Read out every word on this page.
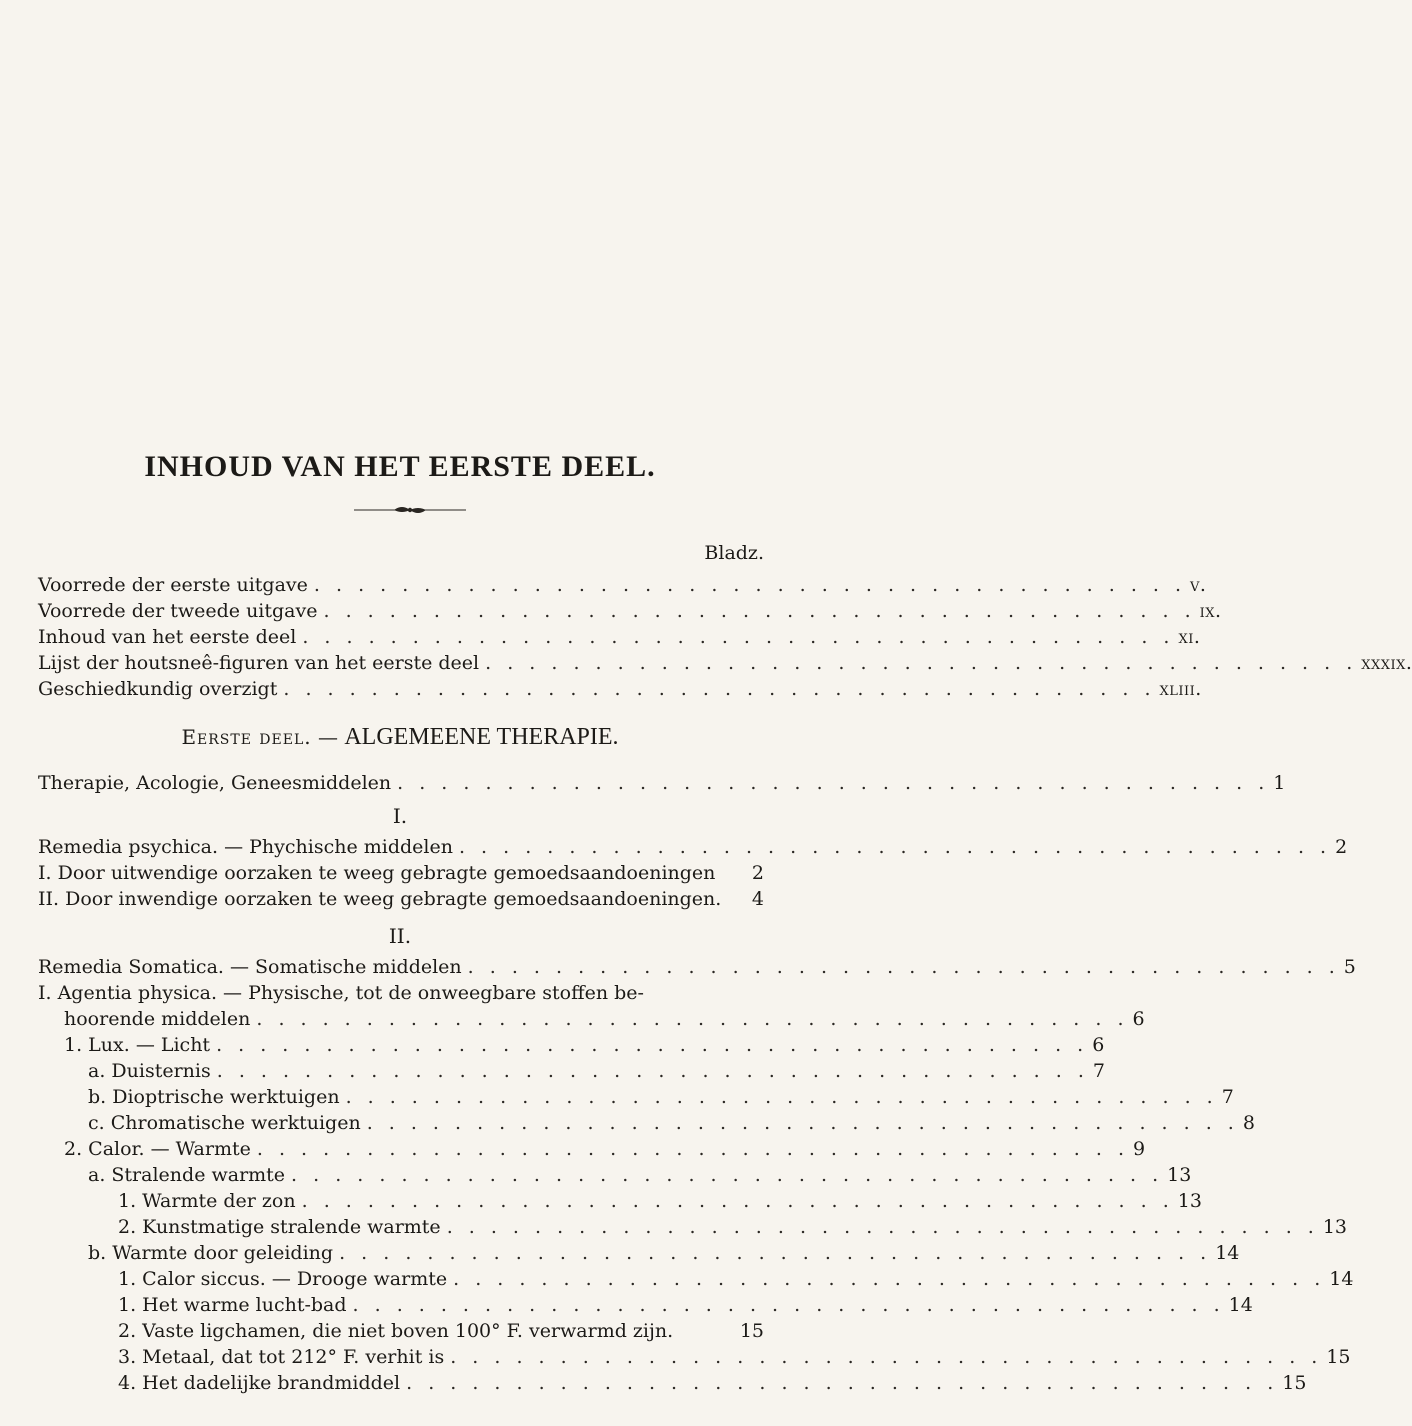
INHOUD VAN HET EERSTE DEEL.
Bladz.
Voorrede der eerste uitgave . . . . . . . . . . . . . . . . . . . . . . . . . . . . . . . . . . . . . . . . v.
Voorrede der tweede uitgave . . . . . . . . . . . . . . . . . . . . . . . . . . . . . . . . . . . . . . . . ix.
Inhoud van het eerste deel . . . . . . . . . . . . . . . . . . . . . . . . . . . . . . . . . . . . . . . . xi.
Lijst der houtsneê-figuren van het eerste deel . . . . . . . . . . . . . . . . . . . . . . . . . . . . . . . . . . . . . . . . xxxix.
Geschiedkundig overzigt . . . . . . . . . . . . . . . . . . . . . . . . . . . . . . . . . . . . . . . . xliii.
Eerste deel. — ALGEMEENE THERAPIE.
Therapie, Acologie, Geneesmiddelen . . . . . . . . . . . . . . . . . . . . . . . . . . . . . . . . . . . . . . . . 1
I.
Remedia psychica. — Phychische middelen . . . . . . . . . . . . . . . . . . . . . . . . . . . . . . . . . . . . . . . . 2
I. Door uitwendige oorzaken te weeg gebragte gemoedsaandoeningen 2
II. Door inwendige oorzaken te weeg gebragte gemoedsaandoeningen. 4
II.
Remedia Somatica. — Somatische middelen . . . . . . . . . . . . . . . . . . . . . . . . . . . . . . . . . . . . . . . . 5
I. Agentia physica. — Physische, tot de onweegbare stoffen be-
hoorende middelen . . . . . . . . . . . . . . . . . . . . . . . . . . . . . . . . . . . . . . . . 6
1. Lux. — Licht . . . . . . . . . . . . . . . . . . . . . . . . . . . . . . . . . . . . . . . . 6
a. Duisternis . . . . . . . . . . . . . . . . . . . . . . . . . . . . . . . . . . . . . . . . 7
b. Dioptrische werktuigen . . . . . . . . . . . . . . . . . . . . . . . . . . . . . . . . . . . . . . . . 7
c. Chromatische werktuigen . . . . . . . . . . . . . . . . . . . . . . . . . . . . . . . . . . . . . . . . 8
2. Calor. — Warmte . . . . . . . . . . . . . . . . . . . . . . . . . . . . . . . . . . . . . . . . 9
a. Stralende warmte . . . . . . . . . . . . . . . . . . . . . . . . . . . . . . . . . . . . . . . . 13
1. Warmte der zon . . . . . . . . . . . . . . . . . . . . . . . . . . . . . . . . . . . . . . . . 13
2. Kunstmatige stralende warmte . . . . . . . . . . . . . . . . . . . . . . . . . . . . . . . . . . . . . . . . 13
b. Warmte door geleiding . . . . . . . . . . . . . . . . . . . . . . . . . . . . . . . . . . . . . . . . 14
1. Calor siccus. — Drooge warmte . . . . . . . . . . . . . . . . . . . . . . . . . . . . . . . . . . . . . . . . 14
1. Het warme lucht-bad . . . . . . . . . . . . . . . . . . . . . . . . . . . . . . . . . . . . . . . . 14
2. Vaste ligchamen, die niet boven 100° F. verwarmd zijn.	15
3. Metaal, dat tot 212° F. verhit is . . . . . . . . . . . . . . . . . . . . . . . . . . . . . . . . . . . . . . . . 15
4. Het dadelijke brandmiddel . . . . . . . . . . . . . . . . . . . . . . . . . . . . . . . . . . . . . . . . 15
